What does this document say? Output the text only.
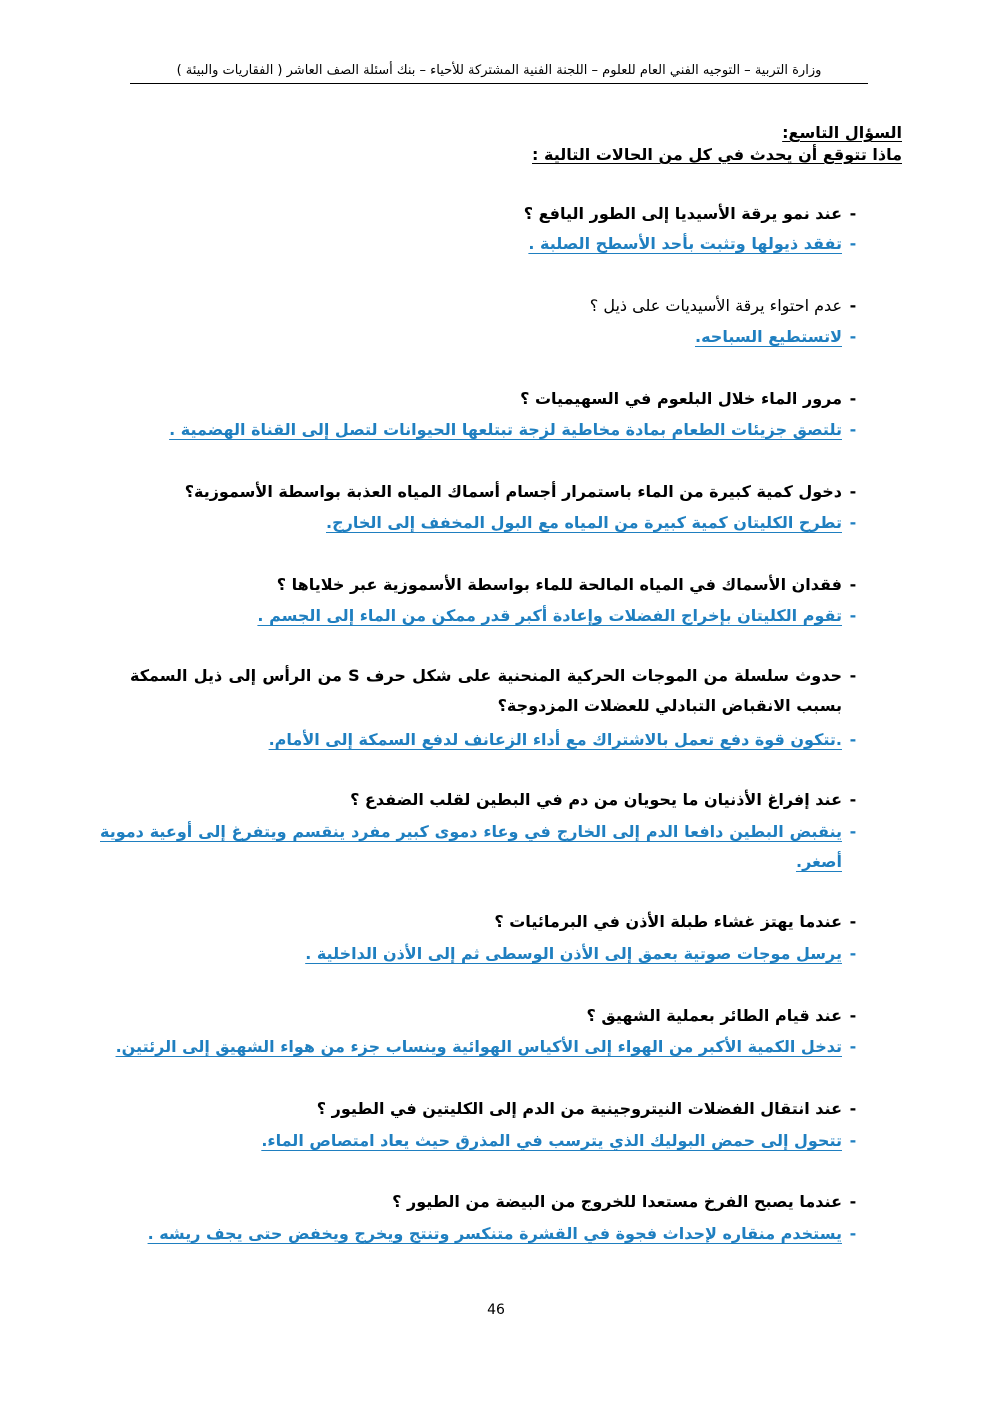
وزارة التربية – التوجيه الفني العام للعلوم – اللجنة الفنية المشتركة للأحياء – بنك أسئلة الصف العاشر ( الفقاريات والبيئة )
السؤال التاسع:
ماذا تتوقع أن يحدث في كل من الحالات التالية :
-
عند نمو يرقة الأسيديا إلى الطور اليافع ؟
-
تفقد ذيولها وتثبت بأحد الأسطح الصلبة .
-
عدم احتواء يرقة الأسيديات على ذيل ؟
-
لاتستطيع السباحه.
-
مرور الماء خلال البلعوم في السهيميات ؟
-
تلتصق جزيئات الطعام بمادة مخاطية لزجة تبتلعها الحيوانات لتصل إلى القناة الهضمية .
-
دخول كمية كبيرة من الماء باستمرار أجسام أسماك المياه العذبة بواسطة الأسموزية؟
-
تطرح الكليتان كمية كبيرة من المياه مع البول المخفف إلى الخارج.
-
فقدان الأسماك في المياه المالحة للماء بواسطة الأسموزية عبر خلاياها ؟
-
تقوم الكليتان بإخراج الفضلات وإعادة أكبر قدر ممكن من الماء إلى الجسم .
-
حدوث سلسلة من الموجات الحركية المنحنية على شكل حرف S من الرأس إلى ذيل السمكة بسبب الانقباض التبادلي للعضلات المزدوجة؟
-
.تتكون قوة دفع تعمل بالاشتراك مع أداء الزعانف لدفع السمكة إلى الأمام.
-
عند إفراغ الأذنيان ما يحويان من دم في البطين لقلب الضفدع ؟
-
ينقبض البطين دافعا الدم إلى الخارج في وعاء دموى كبير مفرد ينقسم ويتفرغ إلى أوعية دموية أصغر.
-
عندما يهتز غشاء طبلة الأذن في البرمائيات ؟
-
يرسل موجات صوتية بعمق إلى الأذن الوسطى ثم إلى الأذن الداخلية .
-
عند قيام الطائر بعملية الشهيق ؟
-
تدخل الكمية الأكبر من الهواء إلى الأكياس الهوائية وينساب جزء من هواء الشهيق إلى الرئتين.
-
عند انتقال الفضلات النيتروجينية من الدم إلى الكليتين في الطيور ؟
-
تتحول إلى حمض البوليك الذي يترسب في المذرق حيث يعاد امتصاص الماء.
-
عندما يصبح الفرخ مستعدا للخروج من البيضة من الطيور ؟
-
يستخدم منقاره لإحداث فجوة في القشرة متنكسر وتنتج ويخرج ويخفض حتى يجف ريشه .
46
